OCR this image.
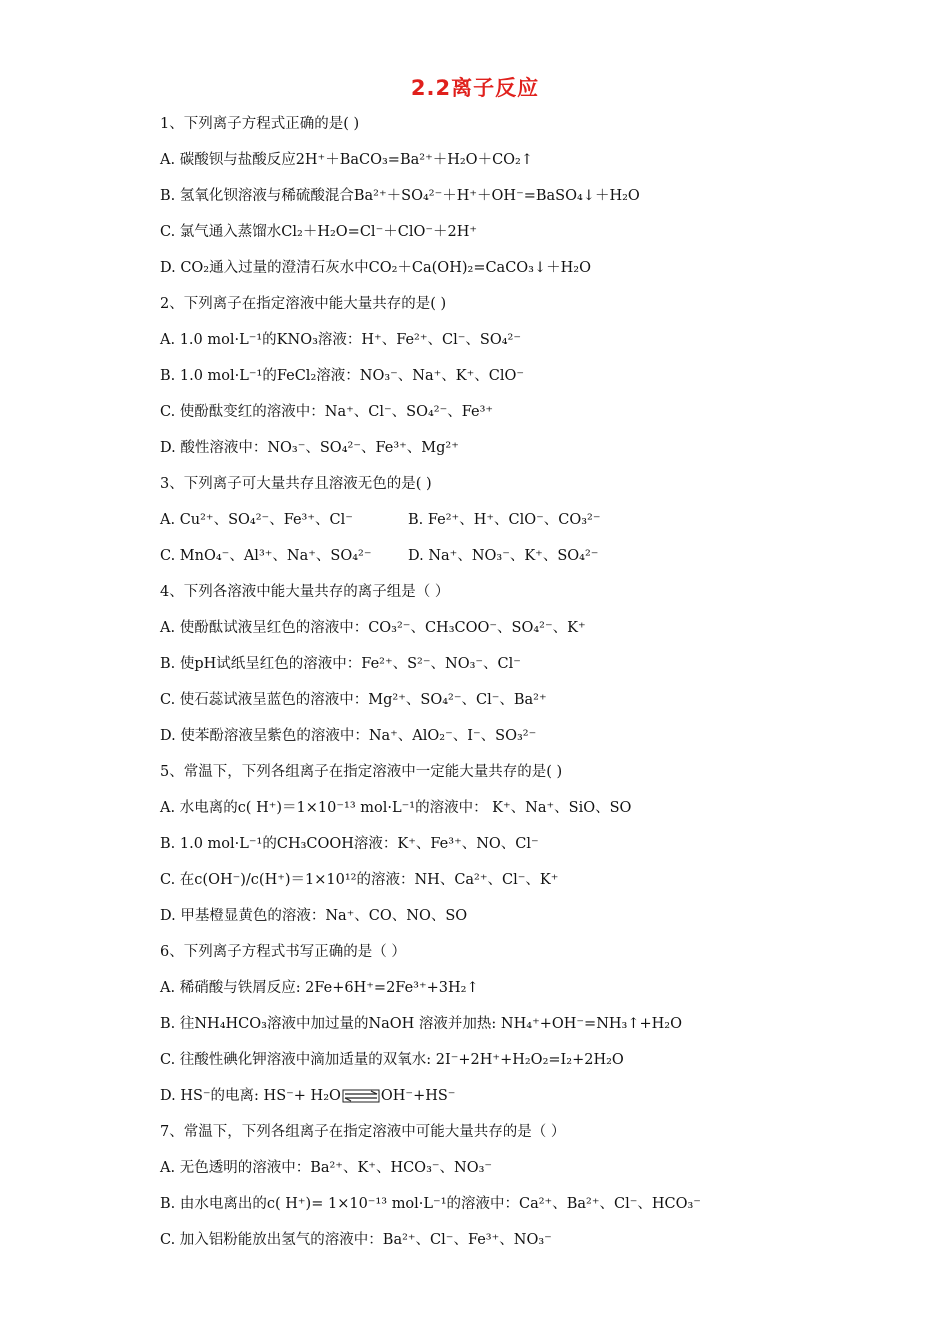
2.2离子反应
1、下列离子方程式正确的是( )
A. 碳酸钡与盐酸反应2H⁺＋BaCO₃=Ba²⁺＋H₂O＋CO₂↑
B. 氢氧化钡溶液与稀硫酸混合Ba²⁺＋SO₄²⁻＋H⁺＋OH⁻=BaSO₄↓＋H₂O
C. 氯气通入蒸馏水Cl₂＋H₂O=Cl⁻＋ClO⁻＋2H⁺
D. CO₂通入过量的澄清石灰水中CO₂＋Ca(OH)₂=CaCO₃↓＋H₂O
2、下列离子在指定溶液中能大量共存的是( )
A. 1.0 mol·L⁻¹的KNO₃溶液：H⁺、Fe²⁺、Cl⁻、SO₄²⁻
B. 1.0 mol·L⁻¹的FeCl₂溶液：NO₃⁻、Na⁺、K⁺、ClO⁻
C. 使酚酞变红的溶液中：Na⁺、Cl⁻、SO₄²⁻、Fe³⁺
D. 酸性溶液中：NO₃⁻、SO₄²⁻、Fe³⁺、Mg²⁺
3、下列离子可大量共存且溶液无色的是( )
A. Cu²⁺、SO₄²⁻、Fe³⁺、Cl⁻	B. Fe²⁺、H⁺、ClO⁻、CO₃²⁻
C. MnO₄⁻、Al³⁺、Na⁺、SO₄²⁻	D. Na⁺、NO₃⁻、K⁺、SO₄²⁻
4、下列各溶液中能大量共存的离子组是（ ）
A. 使酚酞试液呈红色的溶液中：CO₃²⁻、CH₃COO⁻、SO₄²⁻、K⁺
B. 使pH试纸呈红色的溶液中：Fe²⁺、S²⁻、NO₃⁻、Cl⁻
C. 使石蕊试液呈蓝色的溶液中：Mg²⁺、SO₄²⁻、Cl⁻、Ba²⁺
D. 使苯酚溶液呈紫色的溶液中：Na⁺、AlO₂⁻、I⁻、SO₃²⁻
5、常温下，下列各组离子在指定溶液中一定能大量共存的是( )
A. 水电离的c( H⁺)＝1×10⁻¹³ mol·L⁻¹的溶液中： K⁺、Na⁺、SiO、SO
B. 1.0 mol·L⁻¹的CH₃COOH溶液：K⁺、Fe³⁺、NO、Cl⁻
C. 在c(OH⁻)/c(H⁺)＝1×10¹²的溶液：NH、Ca²⁺、Cl⁻、K⁺
D. 甲基橙显黄色的溶液：Na⁺、CO、NO、SO
6、下列离子方程式书写正确的是（ ）
A. 稀硝酸与铁屑反应: 2Fe+6H⁺=2Fe³⁺+3H₂↑
B. 往NH₄HCO₃溶液中加过量的NaOH 溶液并加热: NH₄⁺+OH⁻=NH₃↑+H₂O
C. 往酸性碘化钾溶液中滴加适量的双氧水: 2I⁻+2H⁺+H₂O₂=I₂+2H₂O
D. HS⁻的电离: HS⁻+ H₂O	OH⁻+HS⁻
7、常温下，下列各组离子在指定溶液中可能大量共存的是（ ）
A. 无色透明的溶液中：Ba²⁺、K⁺、HCO₃⁻、NO₃⁻
B. 由水电离出的c( H⁺)= 1×10⁻¹³ mol·L⁻¹的溶液中：Ca²⁺、Ba²⁺、Cl⁻、HCO₃⁻
C. 加入铝粉能放出氢气的溶液中：Ba²⁺、Cl⁻、Fe³⁺、NO₃⁻
